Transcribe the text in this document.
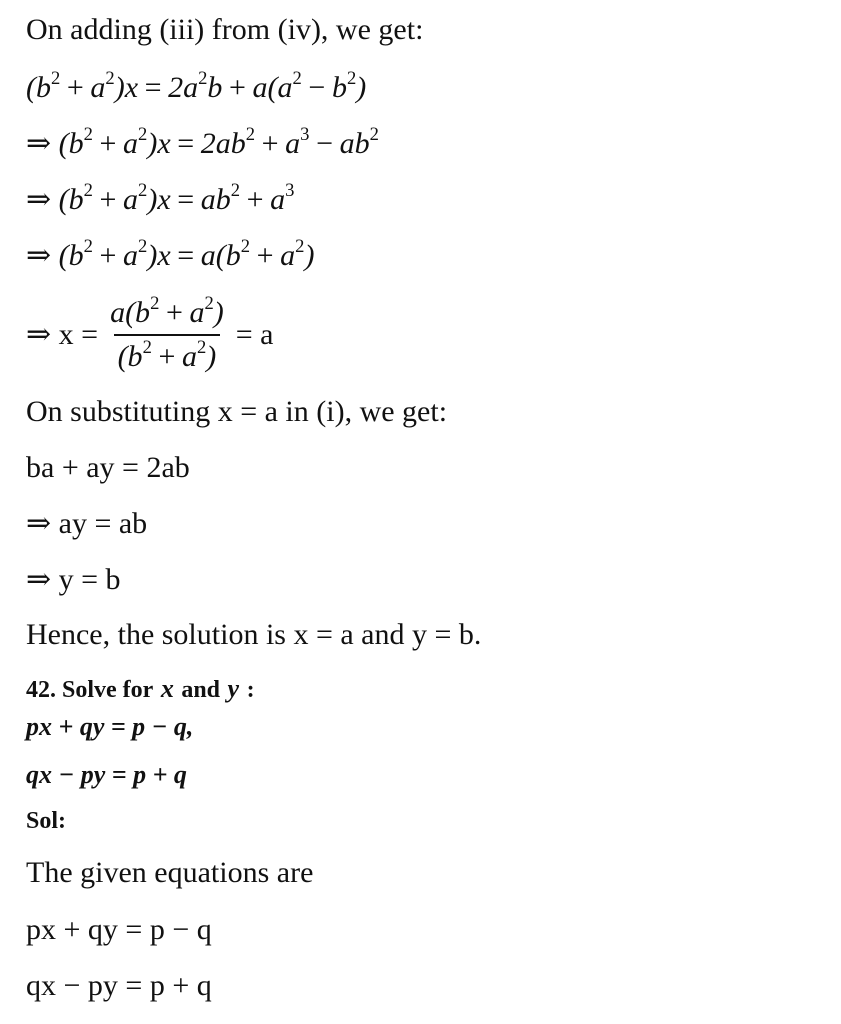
On adding (iii) from (iv), we get:
$(b^2 + a^2)x = 2a^2b + a(a^2 - b^2)$
⇒ $(b^2 + a^2)x = 2ab^2 + a^3 - ab^2$
⇒ $(b^2 + a^2)x = ab^2 + a^3$
⇒ $(b^2 + a^2)x = a(b^2 + a^2)$
⇒ $x = \frac{a(b^2 + a^2)}{(b^2 + a^2)} = a$
On substituting x = a in (i), we get:
ba + ay = 2ab
⇒ ay = ab
⇒ y = b
Hence, the solution is x = a and y = b.
42. Solve for x and y :
px + qy = p − q,
qx − py = p + q
Sol:
The given equations are
px + qy = p − q
qx − py = p + q
